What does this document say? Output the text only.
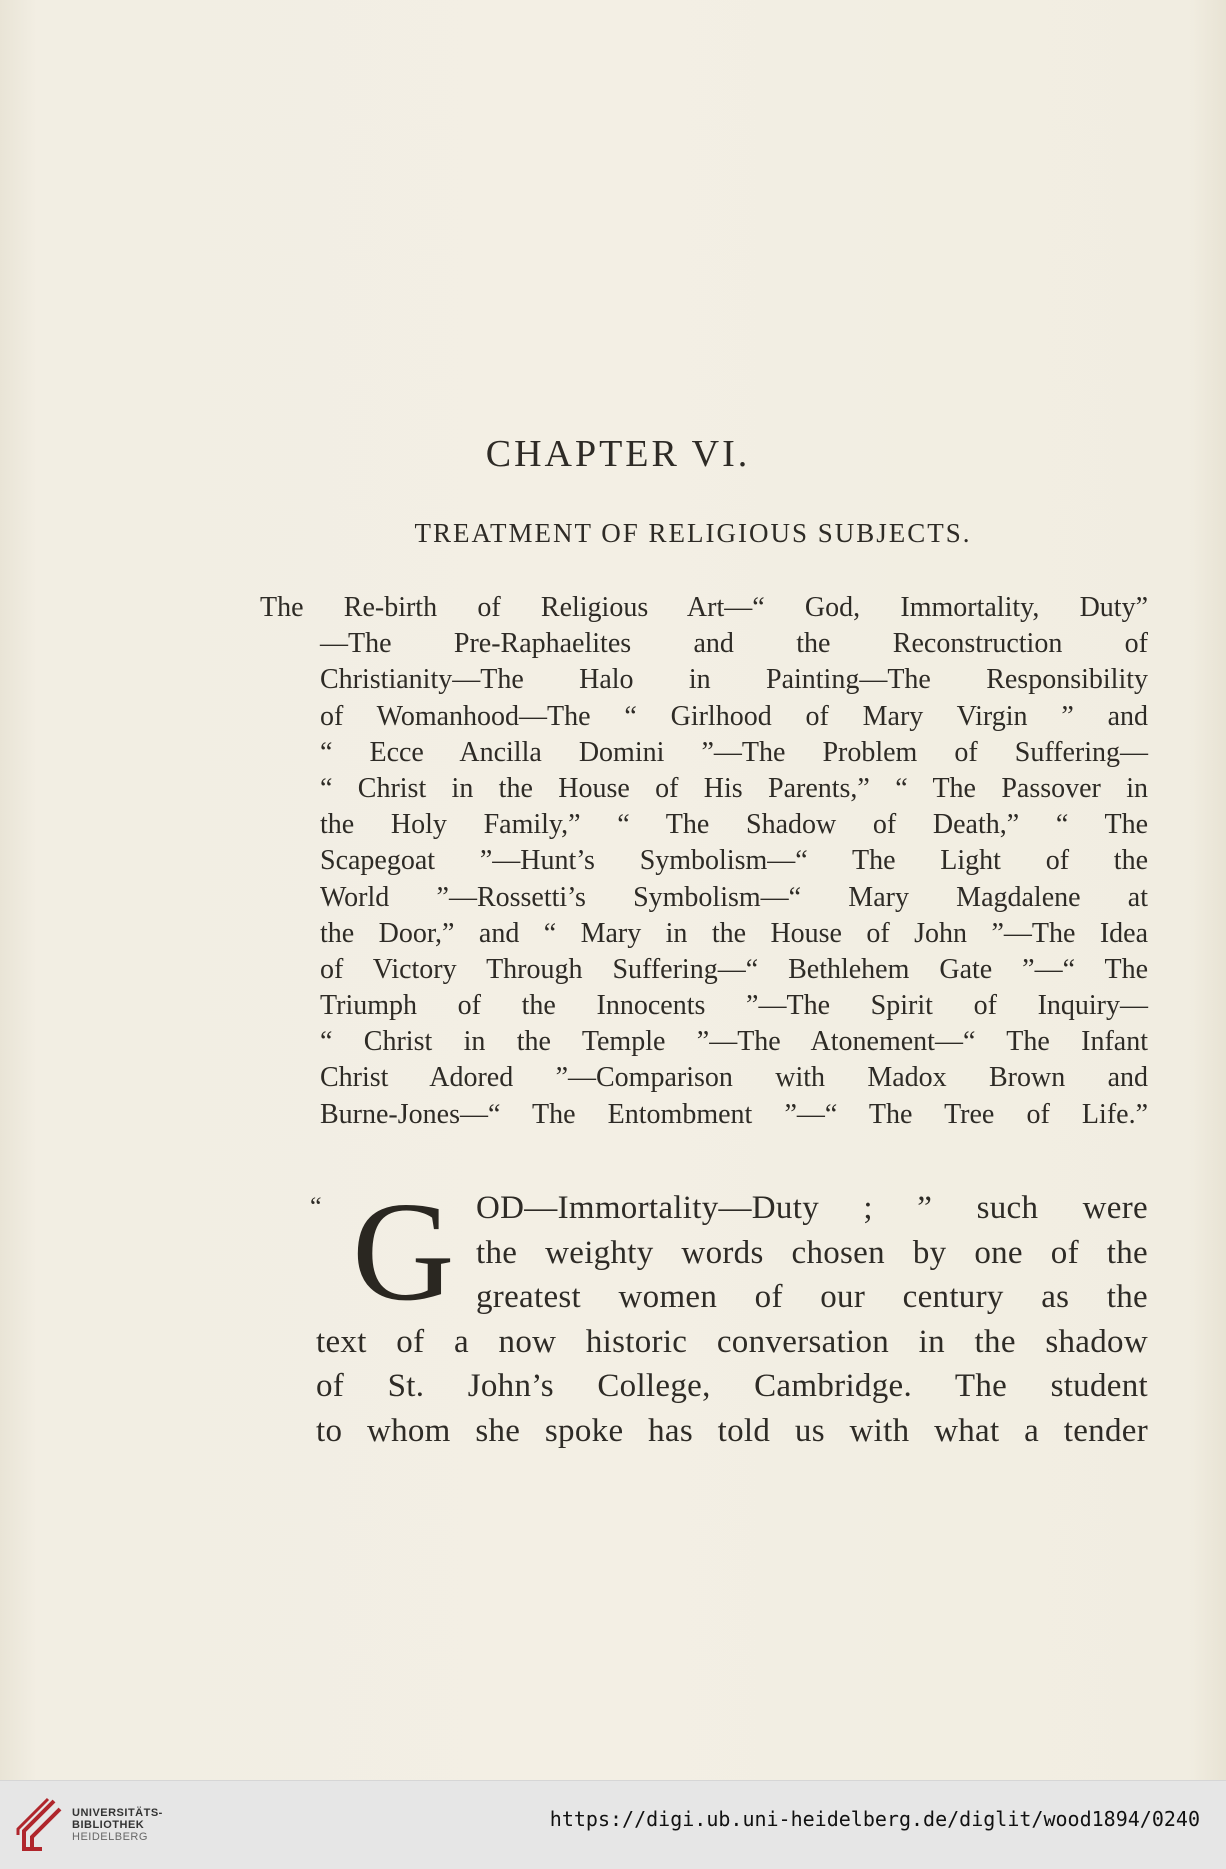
CHAPTER VI.
TREATMENT OF RELIGIOUS SUBJECTS.
The Re-birth of Religious Art—“ God, Immortality, Duty”
—The Pre-Raphaelites and the Reconstruction of
Christianity—The Halo in Painting—The Responsibility
of Womanhood—The “ Girlhood of Mary Virgin ” and
“ Ecce Ancilla Domini ”—The Problem of Suffering—
“ Christ in the House of His Parents,” “ The Passover in
the Holy Family,” “ The Shadow of Death,” “ The
Scapegoat ”—Hunt’s Symbolism—“ The Light of the
World ”—Rossetti’s Symbolism—“ Mary Magdalene at
the Door,” and “ Mary in the House of John ”—The Idea
of Victory Through Suffering—“ Bethlehem Gate ”—“ The
Triumph of the Innocents ”—The Spirit of Inquiry—
“ Christ in the Temple ”—The Atonement—“ The Infant
Christ Adored ”—Comparison with Madox Brown and
Burne-Jones—“ The Entombment ”—“ The Tree of Life.”
“ G OD—Immortality—Duty ; ” such were
the weighty words chosen by one of the
greatest women of our century as the
text of a now historic conversation in the shadow
of St. John’s College, Cambridge. The student
to whom she spoke has told us with what a tender
UNIVERSITÄTS-
BIBLIOTHEK
HEIDELBERG
https://digi.ub.uni-heidelberg.de/diglit/wood1894/0240
